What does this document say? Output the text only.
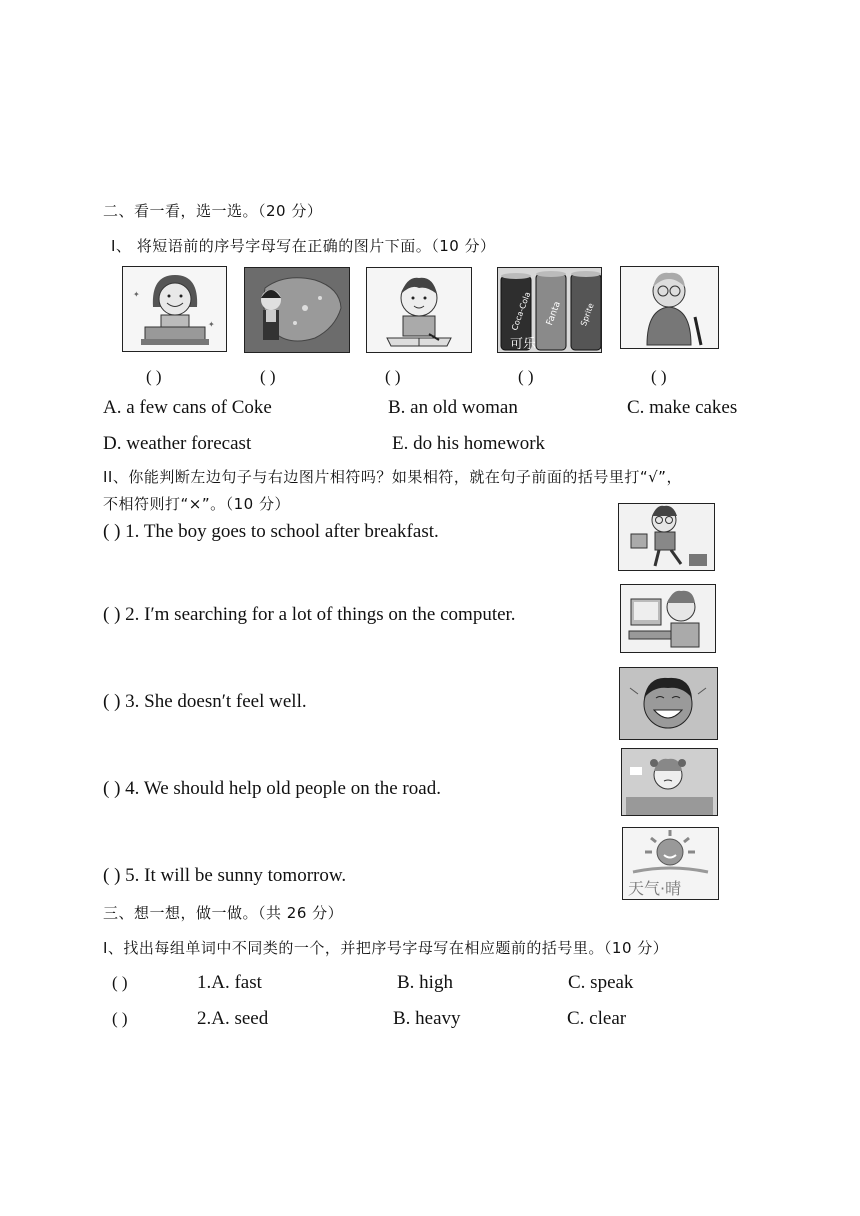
二、看一看，选一选。（20 分）
Ⅰ、 将短语前的序号字母写在正确的图片下面。（10 分）
✦
✦	Coca-Cola Fanta Sprite
可乐
( )	( )	( )	( )	( )
A. a few cans of Coke	B. an old woman	C. make cakes
D. weather forecast	E. do his homework
ΙΙ、你能判断左边句子与右边图片相符吗？如果相符，就在句子前面的括号里打“√”，
不相符则打“×”。（10 分）
( ) 1. The boy goes to school after breakfast.
( ) 2. I′m searching for a lot of things on the computer.
( ) 3. She doesn′t feel well.
( ) 4. We should help old people on the road.
( ) 5. It will be sunny tomorrow.
天气·晴
三、想一想，做一做。（共 26 分）
Ι、找出每组单词中不同类的一个，并把序号字母写在相应题前的括号里。（10 分）
( )	1.A. fast	B. high	C. speak
( )	2.A. seed	B. heavy	C. clear
